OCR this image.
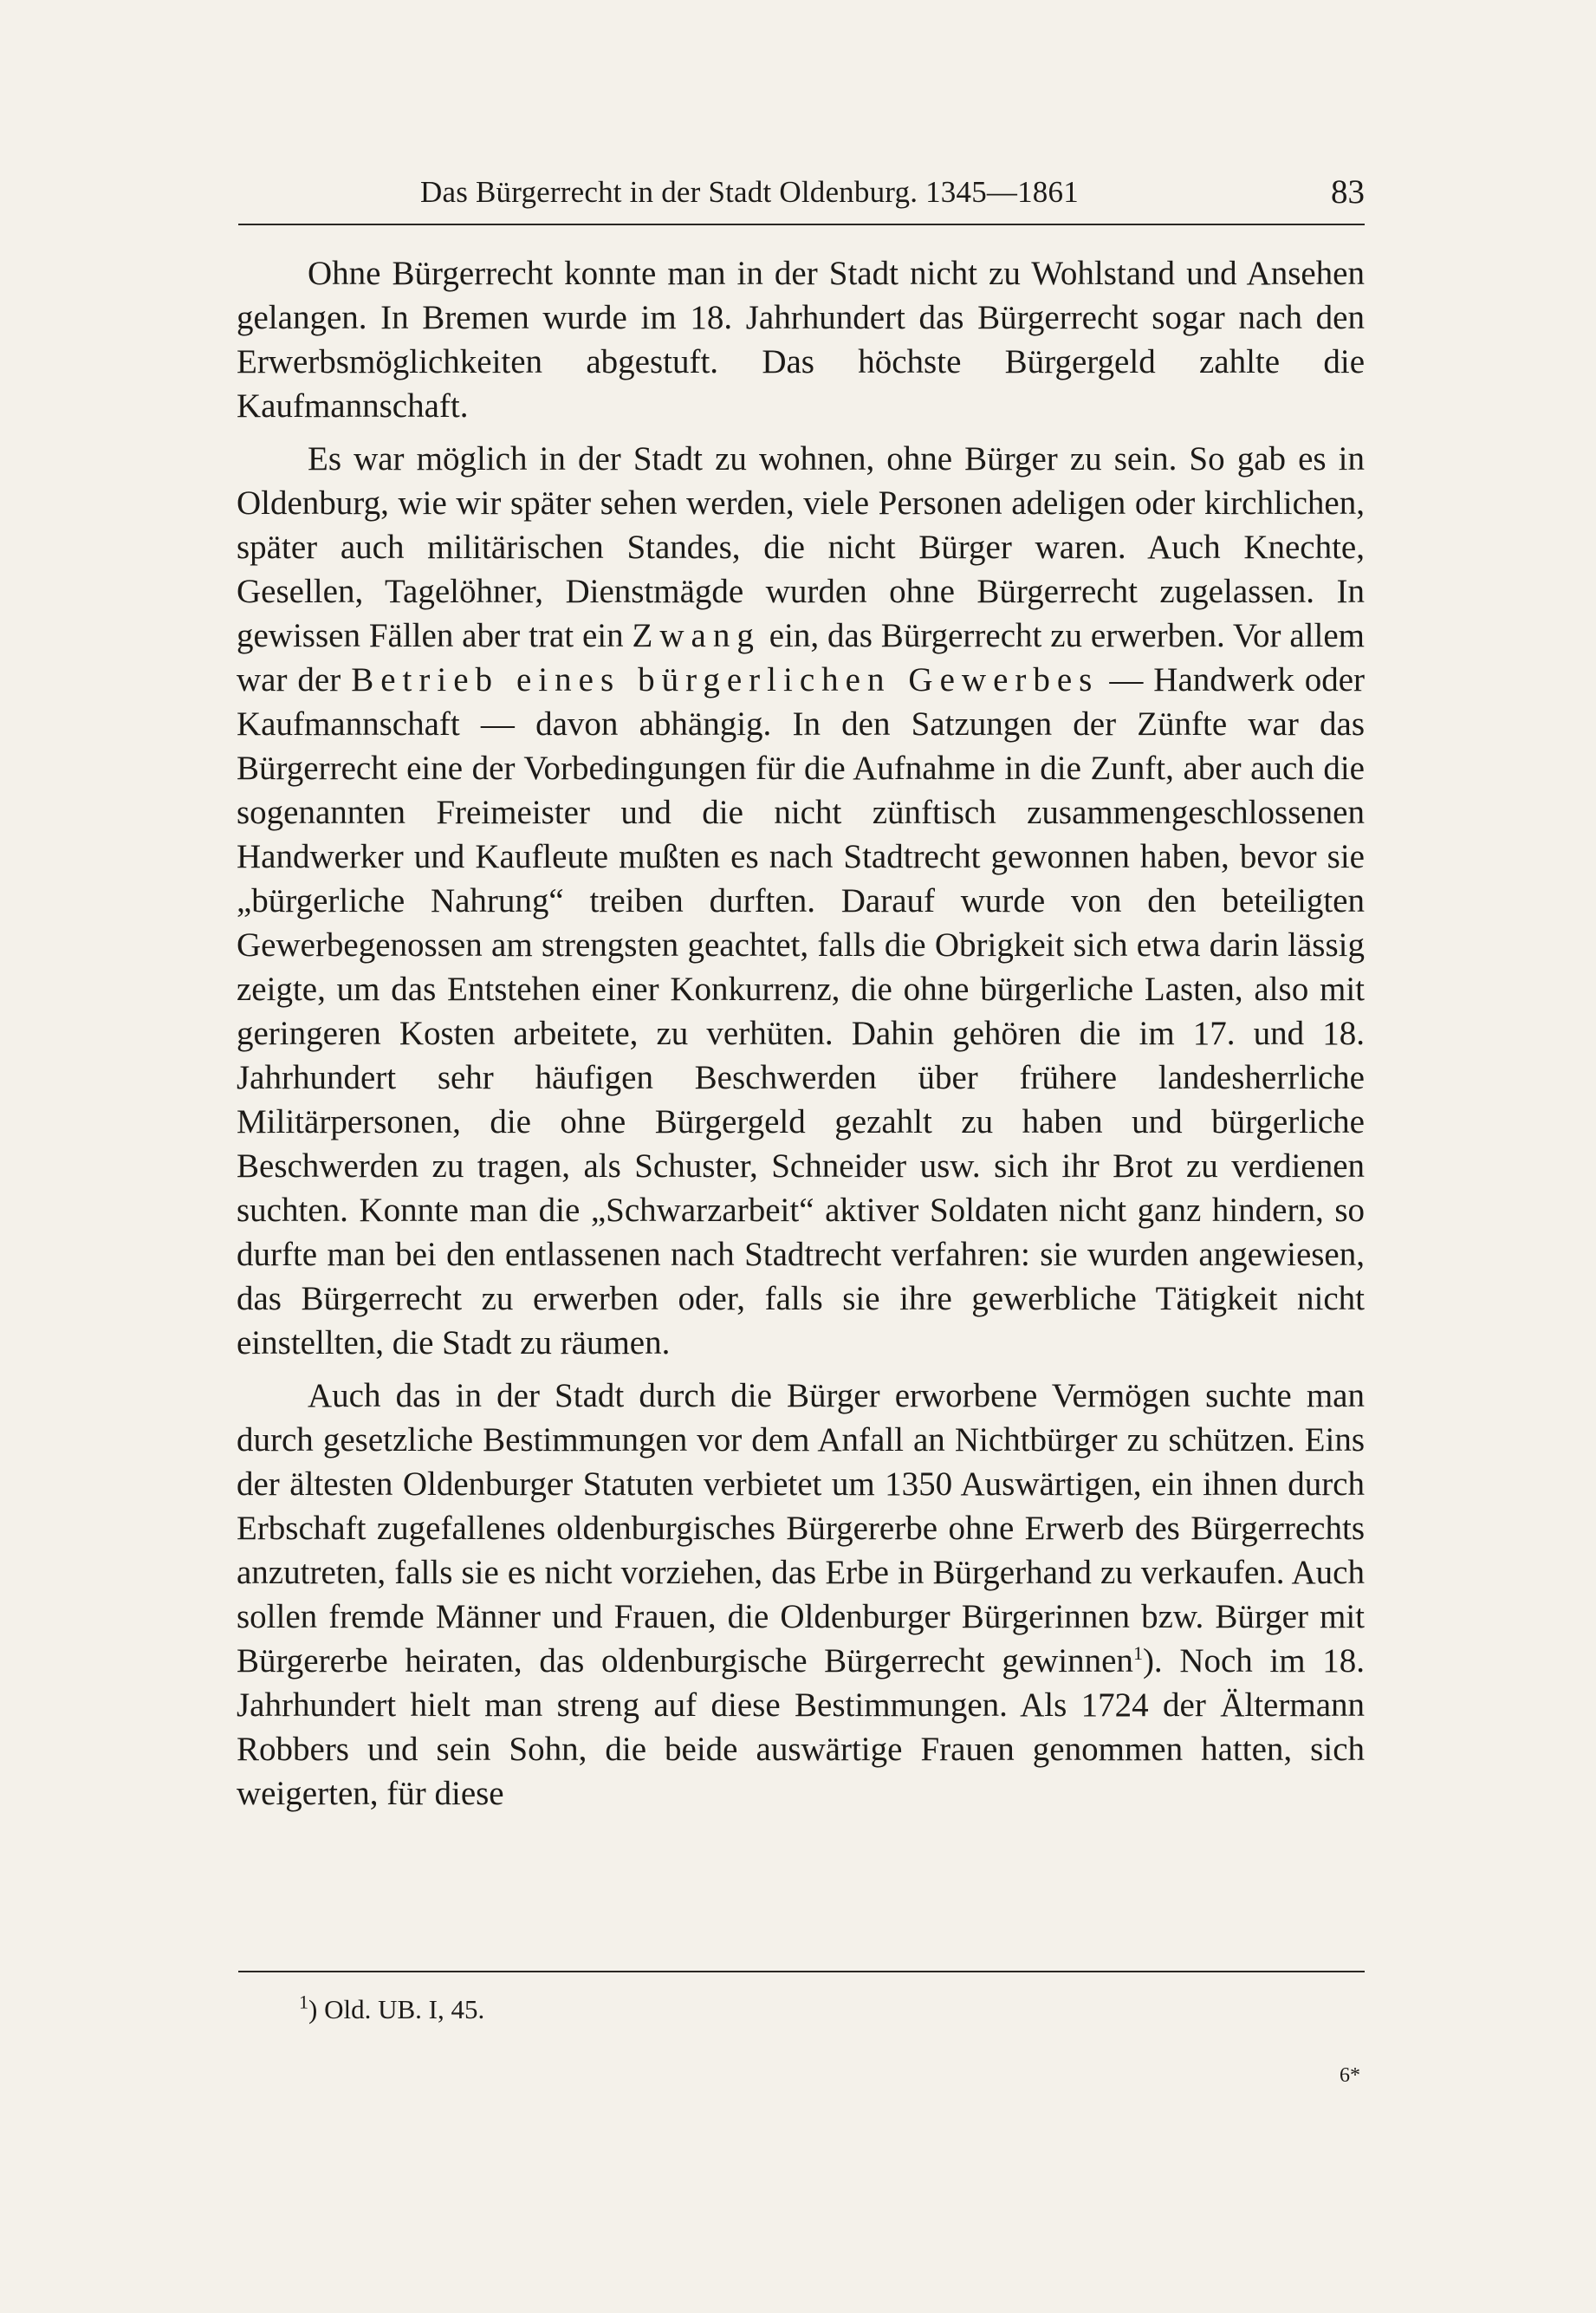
Das Bürgerrecht in der Stadt Oldenburg. 1345—1861	83

Ohne Bürgerrecht konnte man in der Stadt nicht zu Wohlstand und Ansehen gelangen. In Bremen wurde im 18. Jahrhundert das Bürgerrecht sogar nach den Erwerbsmöglichkeiten abgestuft. Das höchste Bürgergeld zahlte die Kaufmannschaft.

Es war möglich in der Stadt zu wohnen, ohne Bürger zu sein. So gab es in Oldenburg, wie wir später sehen werden, viele Personen adeligen oder kirchlichen, später auch militärischen Standes, die nicht Bürger waren. Auch Knechte, Gesellen, Tagelöhner, Dienstmägde wurden ohne Bürgerrecht zugelassen. In gewissen Fällen aber trat ein Zwang ein, das Bürgerrecht zu erwerben. Vor allem war der Betrieb eines bürgerlichen Gewerbes — Handwerk oder Kaufmannschaft — davon abhängig. In den Satzungen der Zünfte war das Bürgerrecht eine der Vorbedingungen für die Aufnahme in die Zunft, aber auch die sogenannten Freimeister und die nicht zünftisch zusammengeschlossenen Handwerker und Kaufleute mußten es nach Stadtrecht gewonnen haben, bevor sie „bürgerliche Nahrung“ treiben durften. Darauf wurde von den beteiligten Gewerbegenossen am strengsten geachtet, falls die Obrigkeit sich etwa darin lässig zeigte, um das Entstehen einer Konkurrenz, die ohne bürgerliche Lasten, also mit geringeren Kosten arbeitete, zu verhüten. Dahin gehören die im 17. und 18. Jahrhundert sehr häufigen Beschwerden über frühere landesherrliche Militärpersonen, die ohne Bürgergeld gezahlt zu haben und bürgerliche Beschwerden zu tragen, als Schuster, Schneider usw. sich ihr Brot zu verdienen suchten. Konnte man die „Schwarzarbeit“ aktiver Soldaten nicht ganz hindern, so durfte man bei den entlassenen nach Stadtrecht verfahren: sie wurden angewiesen, das Bürgerrecht zu erwerben oder, falls sie ihre gewerbliche Tätigkeit nicht einstellten, die Stadt zu räumen.

Auch das in der Stadt durch die Bürger erworbene Vermögen suchte man durch gesetzliche Bestimmungen vor dem Anfall an Nichtbürger zu schützen. Eins der ältesten Oldenburger Statuten verbietet um 1350 Auswärtigen, ein ihnen durch Erbschaft zugefallenes oldenburgisches Bürgererbe ohne Erwerb des Bürgerrechts anzutreten, falls sie es nicht vorziehen, das Erbe in Bürgerhand zu verkaufen. Auch sollen fremde Männer und Frauen, die Oldenburger Bürgerinnen bzw. Bürger mit Bürgererbe heiraten, das oldenburgische Bürgerrecht gewinnen$^1$). Noch im 18. Jahrhundert hielt man streng auf diese Bestimmungen. Als 1724 der Ältermann Robbers und sein Sohn, die beide auswärtige Frauen genommen hatten, sich weigerten, für diese

$^1$) Old. UB. I, 45.
6*
